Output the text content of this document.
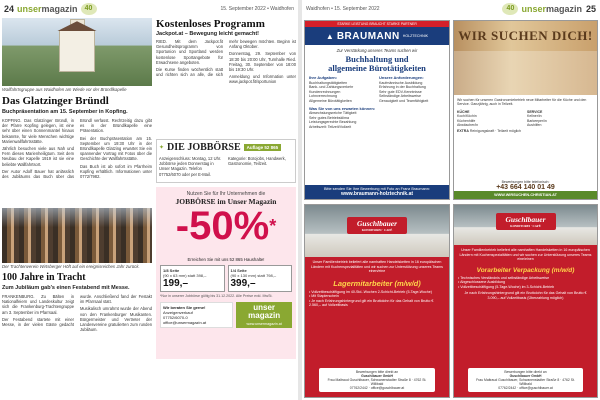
24 unsermagazin	40	15. September 2022 • Waidhofen
Wallfahrtsgruppe aus Waidhofen am Wiede vor der Bründlkapelle
Das Glatzinger Bründl
Buchpräsentation am 15. September in Kopfing.

KOPFING. Das Glatzinger Bründl, in der Pfarre Kopfing gelegen, ist eine sehr über einen Sonnenmantel hinaus bekannte, für viele Menschen wichtige Marienwallfahrtsstätte.

Jährlich besuchen viele aus Nah und Fern dieses Marienheiligtum. Seit dem Neubau der Kapelle 1919 ist sie eine beliebte Wallfahrtsort.

Der Autor Adolf Bauer hat anlässlich des Jubiläums das Buch über das Bründl verfasst. Rechtzeitig dazu gibt es in der Bründlkapelle eine Präsentation.

Bei der Buchpräsentation am 15. September um 19:30 Uhr in der Bründlkapelle Glatzing erwartet Sie ein spannender Vortrag mit Fotos über die Geschichte der Wallfahrtsstätte.

Das Buch ist ab sofort im Pfarrheim Kopfing erhältlich. Informationen unter 0772/7982.

Kostenloses Programm
Jackpot.at – Bewegung leicht gemacht!

RIED. Mit dem Jackpot.fit Gesundheitsprogramm von Sportunion und Sportland werden kostenlose Sportangebote für Erwachsene angeboten.

Die Kurse finden wöchentlich statt und richten sich an alle, die sich mehr bewegen möchten. Beginn ist Anfang Oktober.

Donnerstag, 29. September von 18:30 bis 20:00 Uhr, Turnhalle Ried. Freitag, 30. September von 18:00 bis 19:30 Uhr.

Anmeldung und Information unter www.jackpot.fit/sportunion

✦ DIE JOBBÖRSE	Auflage 52 865
Anzeigenschluss: Montag, 12 Uhr. Jobbörse jeden Donnerstag in Unser Magazin. Telefon 07752/6070 oder per E-Mail.
Kategorie: Bürojobs, Handwerk, Gastronomie, Teilzeit.
Nutzen Sie für Ihr Unternehmen die
JOBBÖRSE im Unser Magazin
-50%*
Erreichen Sie mit uns 52 865 Haushalte!
1/8 Seite
(90 x 63 mm) statt 398,–
199,–
1/4 Seite
(90 x 130 mm) statt 798,–
399,–
*Nur in unserer Jobbörse gültig bis 31.12.2022. Alle Preise exkl. MwSt.
Wir beraten Sie gerne!
Anzeigenverkauf
07752/6070-0
office@unsermagazin.at
unser
magazin
www.unsermagazin.at
Der Trachtenverein Wirtsberger Höft auf ein ereignisreiches Jahr zurück.
100 Jahre in Tracht
Zum Jubiläum gab's einen Festabend mit Messe.

FRANKENBURG. Zu Bälten in Nationalfeiern und Landeskultur zeigt sich die Frankenburg-Trachtengruppe am 3. September im Pfarrsaal.

Der Festabend startete mit einer Messe, in der vielen Gäste gedacht wurde. Anschließend fand der Festakt im Pfarrsaal statt.

Musikalisch umrahmt wurde der Abend von den Frankenburger Musikanten. Bürgermeister und Vertreter der Landesvereine gratulierten zum runden Jubiläum.

Waidhofen • 15. September 2022	40 unsermagazin 25
STARKE LEISTUNG BRAUCHT STARKE PARTNER
▲ BRAUMANN HOLZTECHNIK
Zur Verstärkung unseres Teams suchen wir
Buchhaltung und
allgemeine Bürotätigkeiten
Ihre Aufgaben:
Buchhaltungstätigkeiten
Bank- und Zahlungsverkehr
Kundenrechnungen
Lohnverrechnung
Allgemeine Bürotätigkeiten
Unsere Anforderungen:
Kaufmännische Ausbildung
Erfahrung in der Buchhaltung
Sehr gute EDV-Kenntnisse
Selbständige Arbeitsweise
Genauigkeit und Teamfähigkeit
Was Sie von uns erwarten können:
Abwechslungsreiche Tätigkeit
Sehr gutes Betriebsklima
Leistungsgerechte Bezahlung
Arbeitszeit: Teilzeit/Vollzeit
Bitte senden Sie Ihre Bewerbung mit Foto an Franz Braumann:
www.braumann-holztechnik.at
WIR SUCHEN DICH!
Wir suchen für unseren Gastronomiebetrieb neue Mitarbeiter für die Küche und den Service. Ganzjährig, auch in Teilzeit.
KÜCHE
Koch/Köchin
Küchenhilfe
Abwäscher/in
SERVICE
Kellner/in
Barkeeper/in
Aushilfen
EXTRA Reinigungskraft · Teilzeit möglich
Bewerbungen bitte telefonisch:
+43 664 140 01 49
WWW.WIRSUCHEN-CHRISTIAN.AT
Guschlbauer
KONDITOREI · CAFÉ
Unser Familienbetrieb beliefert alle namhaften Handelsketten in 16 europäischen Ländern mit Kuchenspezialitäten und wir suchen zur Unterstützung unseres Teams einen/eine
Lagermitarbeiter (m/w/d)
• Vollzeitbeschäftigung im 40-Std.-Wochen 2-Schicht-Betrieb (5-Tage-Woche)
• Mit Staplerschein
• Je nach Erfahrungshintergrund gilt ein Bruttolohn für das Gehalt von Brutto € 2.560,– auf Vollzeitbasis
Bewerbungen bitte direkt an
Guschlbauer GmbH
Frau Maltraud Guschlbauer, Schwanenstadter Straße 8 · 4762 St. Willibald
07762/2442 · office@guschlbauer.at
Guschlbauer
KONDITOREI · CAFÉ
Unser Familienbetrieb beliefert alle namhaften Handelsketten in 16 europäischen Ländern mit Kuchenspezialitäten und wir suchen zur Unterstützung unseres Teams eine/einen
Vorarbeiter Verpackung (m/w/d)
• Technisches Verständnis und selbständige Arbeitsweise
• Abgeschlossene Ausbildung
• Vollzeitbeschäftigung (5-Tage-Woche) im 3-Schicht-Betrieb
Je nach Erfahrungshintergrund gilt ein Bruttolohn für das Gehalt von Brutto € 3.090,– auf Vollzeitbasis (Überzahlung möglich)
Bewerbungen bitte direkt an
Guschlbauer GmbH
Frau Maltraud Guschlbauer, Schwanenstadter Straße 8 · 4762 St. Willibald
07762/2442 · office@guschlbauer.at
